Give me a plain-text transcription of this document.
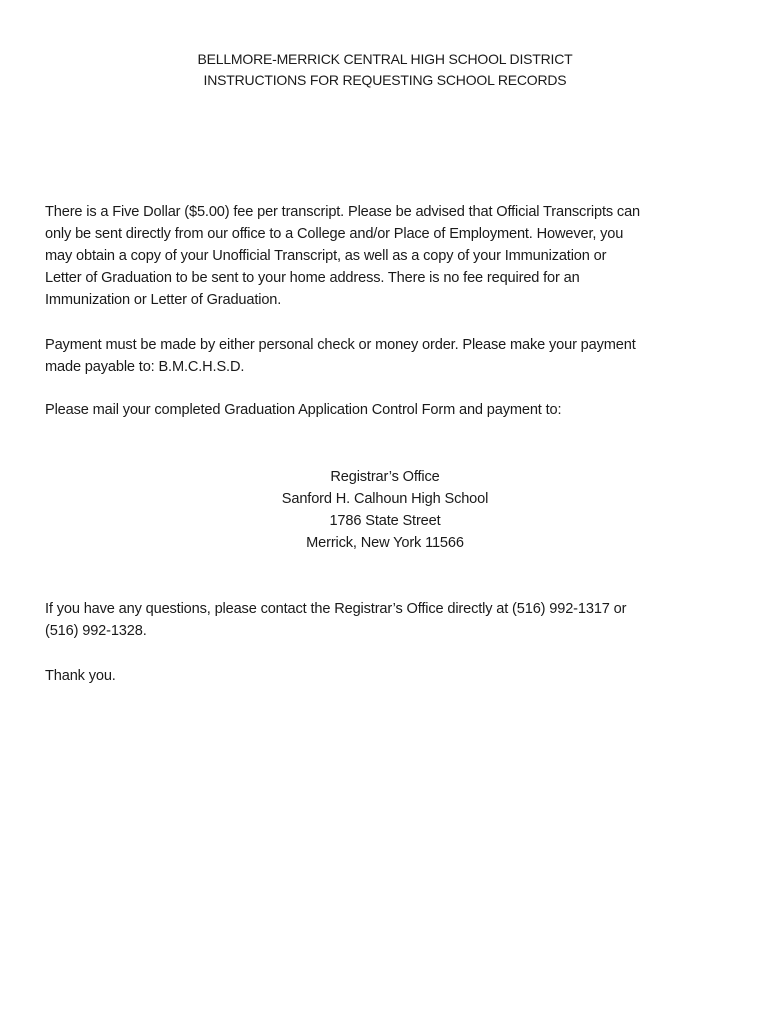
BELLMORE-MERRICK CENTRAL HIGH SCHOOL DISTRICT
INSTRUCTIONS FOR REQUESTING SCHOOL RECORDS
There is a Five Dollar ($5.00) fee per transcript. Please be advised that Official Transcripts can
only be sent directly from our office to a College and/or Place of Employment. However, you
may obtain a copy of your Unofficial Transcript, as well as a copy of your Immunization or
Letter of Graduation to be sent to your home address. There is no fee required for an
Immunization or Letter of Graduation.
Payment must be made by either personal check or money order. Please make your payment
made payable to: B.M.C.H.S.D.
Please mail your completed Graduation Application Control Form and payment to:
Registrar’s Office
Sanford H. Calhoun High School
1786 State Street
Merrick, New York 11566
If you have any questions, please contact the Registrar’s Office directly at (516) 992-1317 or
(516) 992-1328.
Thank you.
